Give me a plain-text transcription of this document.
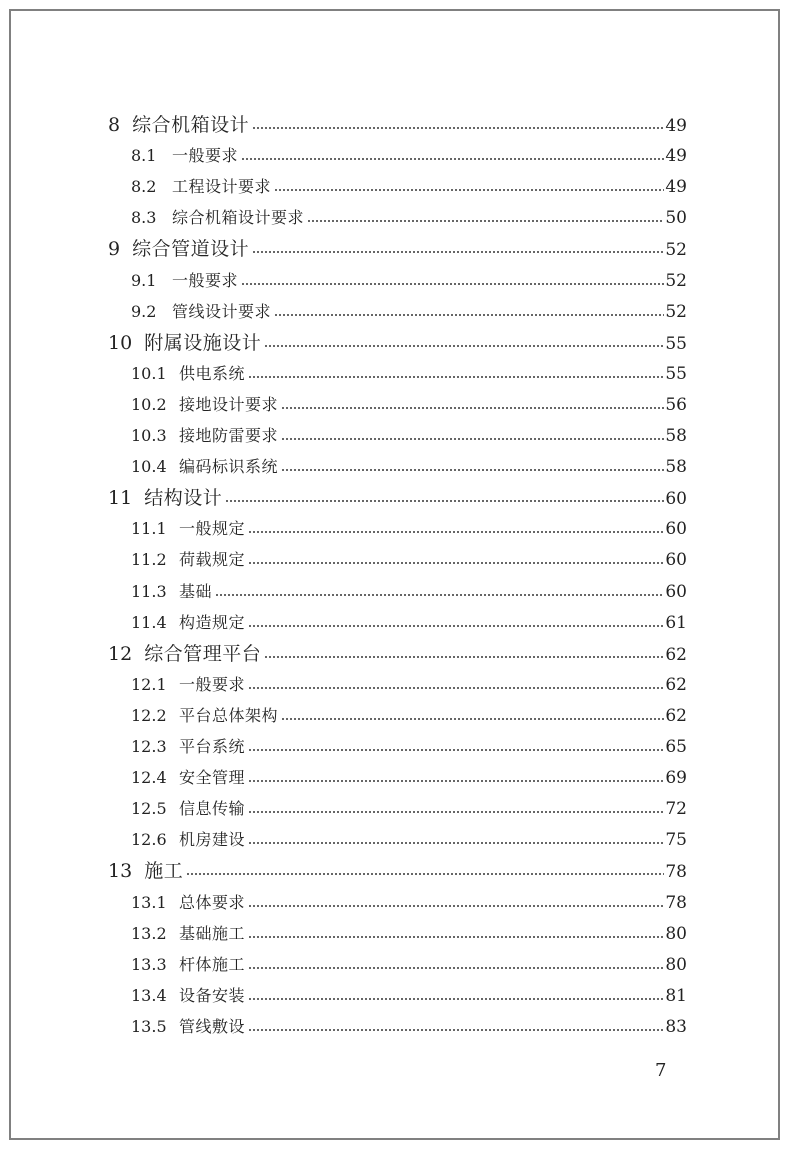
8 综合机箱设计	49
8.1 一般要求	49
8.2 工程设计要求	49
8.3 综合机箱设计要求	50
9 综合管道设计	52
9.1 一般要求	52
9.2 管线设计要求	52
10 附属设施设计	55
10.1 供电系统	55
10.2 接地设计要求	56
10.3 接地防雷要求	58
10.4 编码标识系统	58
11 结构设计	60
11.1 一般规定	60
11.2 荷载规定	60
11.3 基础	60
11.4 构造规定	61
12 综合管理平台	62
12.1 一般要求	62
12.2 平台总体架构	62
12.3 平台系统	65
12.4 安全管理	69
12.5 信息传输	72
12.6 机房建设	75
13 施工	78
13.1 总体要求	78
13.2 基础施工	80
13.3 杆体施工	80
13.4 设备安装	81
13.5 管线敷设	83
7
